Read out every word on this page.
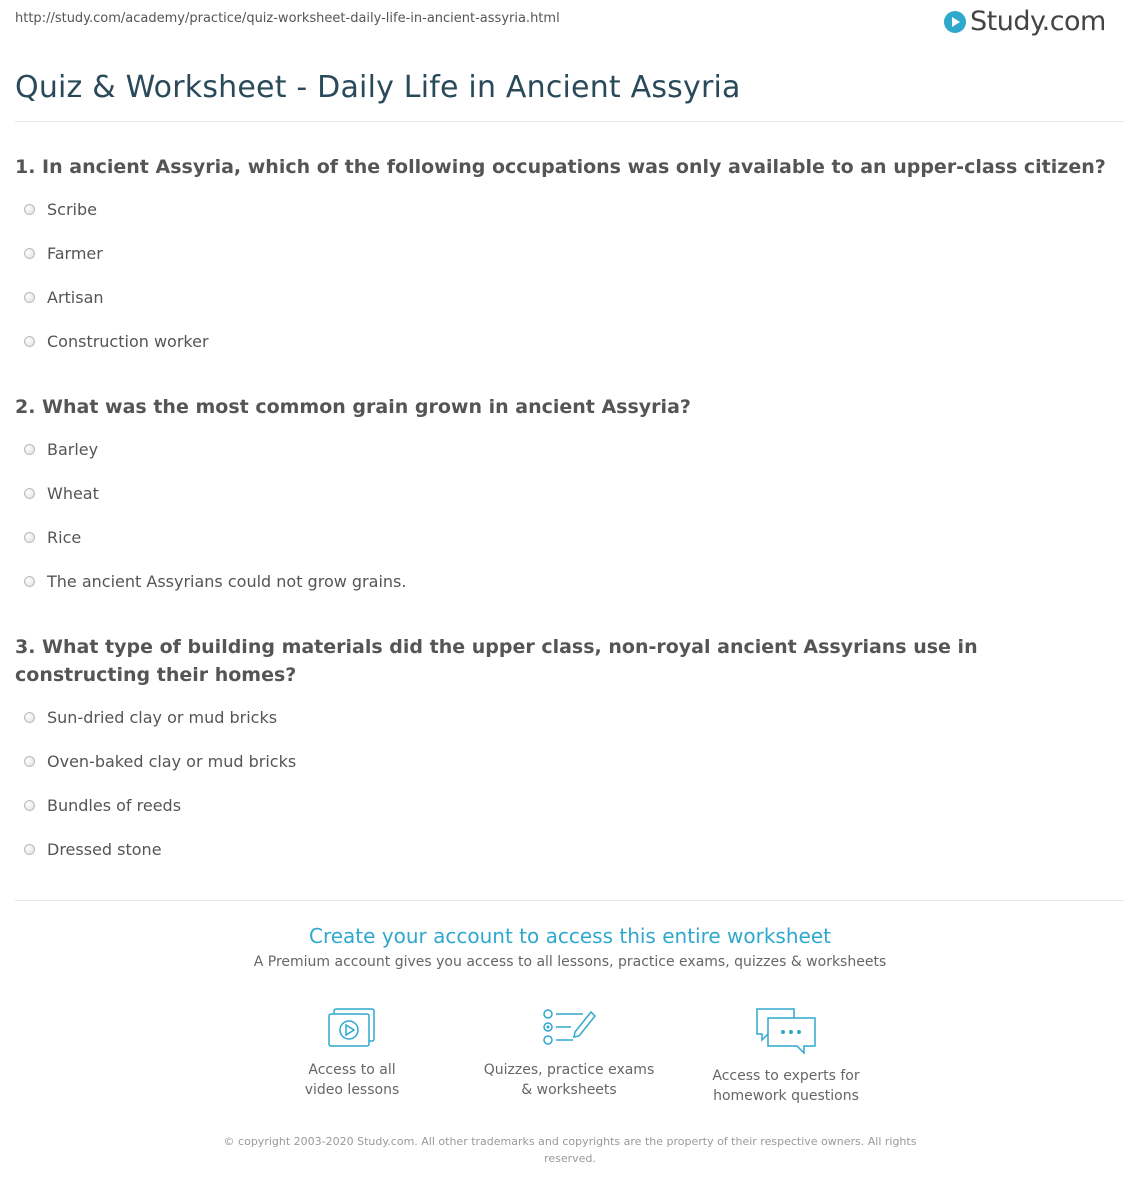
http://study.com/academy/practice/quiz-worksheet-daily-life-in-ancient-assyria.html	Study.com
Quiz & Worksheet - Daily Life in Ancient Assyria

1. In ancient Assyria, which of the following occupations was only available to an upper-class citizen?

Scribe
Farmer
Artisan
Construction worker

2. What was the most common grain grown in ancient Assyria?

Barley
Wheat
Rice
The ancient Assyrians could not grow grains.

3. What type of building materials did the upper class, non-royal ancient Assyrians use in constructing their homes?

Sun-dried clay or mud bricks
Oven-baked clay or mud bricks
Bundles of reeds
Dressed stone
Create your account to access this entire worksheet
A Premium account gives you access to all lessons, practice exams, quizzes & worksheets
Access to all
video lessons
Quizzes, practice exams
& worksheets
Access to experts for
homework questions
© copyright 2003-2020 Study.com. All other trademarks and copyrights are the property of their respective owners. All rights reserved.
